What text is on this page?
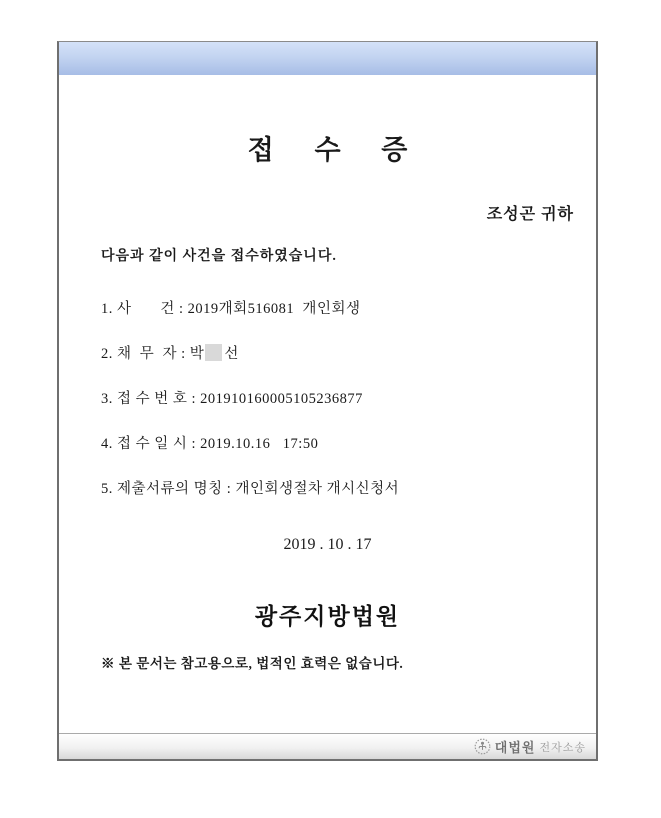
접 수 증
조성곤 귀하
다음과 같이 사건을 접수하였습니다.
1. 사       건 : 2019개회516081  개인회생
2. 채  무  자 : 박 선
3. 접 수 번 호 : 201910160005105236877
4. 접 수 일 시 : 2019.10.16   17:50
5. 제출서류의 명칭 : 개인회생절차 개시신청서
2019 . 10 . 17
광주지방법원
※ 본 문서는 참고용으로, 법적인 효력은 없습니다.
대법원 전자소송
